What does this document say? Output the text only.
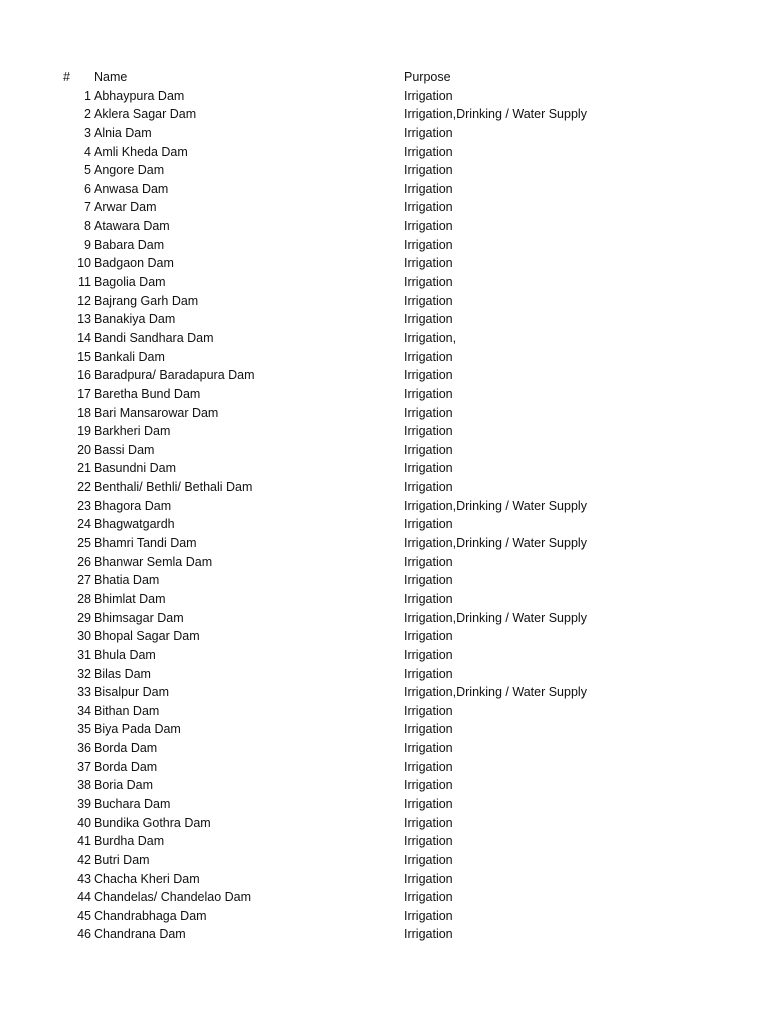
#	Name	Purpose
1 Abhaypura Dam	Irrigation
2 Aklera Sagar Dam	Irrigation,Drinking / Water Supply
3 Alnia Dam	Irrigation
4 Amli Kheda Dam	Irrigation
5 Angore Dam	Irrigation
6 Anwasa Dam	Irrigation
7 Arwar Dam	Irrigation
8 Atawara Dam	Irrigation
9 Babara Dam	Irrigation
10 Badgaon Dam	Irrigation
11 Bagolia Dam	Irrigation
12 Bajrang Garh Dam	Irrigation
13 Banakiya Dam	Irrigation
14 Bandi Sandhara Dam	Irrigation,
15 Bankali Dam	Irrigation
16 Baradpura/ Baradapura Dam	Irrigation
17 Baretha Bund Dam	Irrigation
18 Bari Mansarowar Dam	Irrigation
19 Barkheri Dam	Irrigation
20 Bassi Dam	Irrigation
21 Basundni Dam	Irrigation
22 Benthali/ Bethli/ Bethali Dam	Irrigation
23 Bhagora Dam	Irrigation,Drinking / Water Supply
24 Bhagwatgardh	Irrigation
25 Bhamri Tandi Dam	Irrigation,Drinking / Water Supply
26 Bhanwar Semla Dam	Irrigation
27 Bhatia Dam	Irrigation
28 Bhimlat Dam	Irrigation
29 Bhimsagar Dam	Irrigation,Drinking / Water Supply
30 Bhopal Sagar Dam	Irrigation
31 Bhula Dam	Irrigation
32 Bilas Dam	Irrigation
33 Bisalpur Dam	Irrigation,Drinking / Water Supply
34 Bithan Dam	Irrigation
35 Biya Pada Dam	Irrigation
36 Borda Dam	Irrigation
37 Borda Dam	Irrigation
38 Boria Dam	Irrigation
39 Buchara Dam	Irrigation
40 Bundika Gothra Dam	Irrigation
41 Burdha Dam	Irrigation
42 Butri Dam	Irrigation
43 Chacha Kheri Dam	Irrigation
44 Chandelas/ Chandelao Dam	Irrigation
45 Chandrabhaga Dam	Irrigation
46 Chandrana Dam	Irrigation
